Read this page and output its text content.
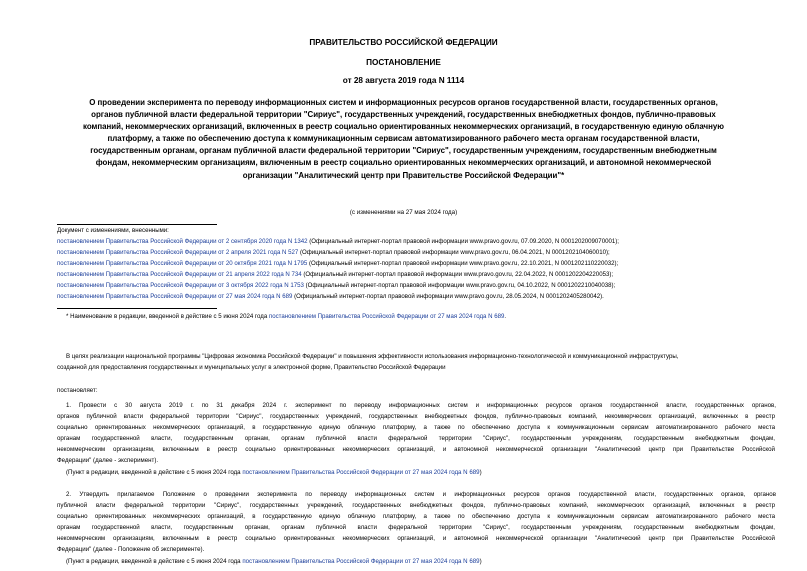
ПРАВИТЕЛЬСТВО РОССИЙСКОЙ ФЕДЕРАЦИИ
ПОСТАНОВЛЕНИЕ
от 28 августа 2019 года N 1114
О проведении эксперимента по переводу информационных систем и информационных ресурсов органов государственной власти, государственных органов,
органов публичной власти федеральной территории "Сириус", государственных учреждений, государственных внебюджетных фондов, публично-правовых
компаний, некоммерческих организаций, включенных в реестр социально ориентированных некоммерческих организаций, в государственную единую облачную
платформу, а также по обеспечению доступа к коммуникационным сервисам автоматизированного рабочего места органам государственной власти,
государственным органам, органам публичной власти федеральной территории "Сириус", государственным учреждениям, государственным внебюджетным
фондам, некоммерческим организациям, включенным в реестр социально ориентированных некоммерческих организаций, и автономной некоммерческой
организации "Аналитический центр при Правительстве Российской Федерации"*
(с изменениями на 27 мая 2024 года)
Документ с изменениями, внесенными:
постановлением Правительства Российской Федерации от 2 сентября 2020 года N 1342 (Официальный интернет-портал правовой информации www.pravo.gov.ru, 07.09.2020, N 0001202009070001);
постановлением Правительства Российской Федерации от 2 апреля 2021 года N 527 (Официальный интернет-портал правовой информации www.pravo.gov.ru, 06.04.2021, N 0001202104060010);
постановлением Правительства Российской Федерации от 20 октября 2021 года N 1795 (Официальный интернет-портал правовой информации www.pravo.gov.ru, 22.10.2021, N 0001202110220032);
постановлением Правительства Российской Федерации от 21 апреля 2022 года N 734 (Официальный интернет-портал правовой информации www.pravo.gov.ru, 22.04.2022, N 0001202204220053);
постановлением Правительства Российской Федерации от 3 октября 2022 года N 1753 (Официальный интернет-портал правовой информации www.pravo.gov.ru, 04.10.2022, N 0001202210040038);
постановлением Правительства Российской Федерации от 27 мая 2024 года N 689 (Официальный интернет-портал правовой информации www.pravo.gov.ru, 28.05.2024, N 0001202405280042).
* Наименование в редакции, введенной в действие с 5 июня 2024 года постановлением Правительства Российской Федерации от 27 мая 2024 года N 689.
В целях реализации национальной программы "Цифровая экономика Российской Федерации" и повышения эффективности использования информационно-технологической и коммуникационной инфраструктуры,
созданной для предоставления государственных и муниципальных услуг в электронной форме, Правительство Российской Федерации
постановляет:
1. Провести с 30 августа 2019 г. по 31 декабря 2024 г. эксперимент по переводу информационных систем и информационных ресурсов органов государственной власти, государственных органов,
органов публичной власти федеральной территории "Сириус", государственных учреждений, государственных внебюджетных фондов, публично-правовых компаний, некоммерческих организаций, включенных в реестр
социально ориентированных некоммерческих организаций, в государственную единую облачную платформу, а также по обеспечению доступа к коммуникационным сервисам автоматизированного рабочего места
органам государственной власти, государственным органам, органам публичной власти федеральной территории "Сириус", государственным учреждениям, государственным внебюджетным фондам,
некоммерческим организациям, включенным в реестр социально ориентированных некоммерческих организаций, и автономной некоммерческой организации "Аналитический центр при Правительстве Российской
Федерации" (далее - эксперимент).
(Пункт в редакции, введенной в действие с 5 июня 2024 года постановлением Правительства Российской Федерации от 27 мая 2024 года N 689)
2. Утвердить прилагаемое Положение о проведении эксперимента по переводу информационных систем и информационных ресурсов органов государственной власти, государственных органов, органов
публичной власти федеральной территории "Сириус", государственных учреждений, государственных внебюджетных фондов, публично-правовых компаний, некоммерческих организаций, включенных в реестр
социально ориентированных некоммерческих организаций, в государственную единую облачную платформу, а также по обеспечению доступа к коммуникационным сервисам автоматизированного рабочего места
органам государственной власти, государственным органам, органам публичной власти федеральной территории "Сириус", государственным учреждениям, государственным внебюджетным фондам,
некоммерческим организациям, включенным в реестр социально ориентированных некоммерческих организаций, и автономной некоммерческой организации "Аналитический центр при Правительстве Российской
Федерации" (далее - Положение об эксперименте).
(Пункт в редакции, введенной в действие с 5 июня 2024 года постановлением Правительства Российской Федерации от 27 мая 2024 года N 689)
